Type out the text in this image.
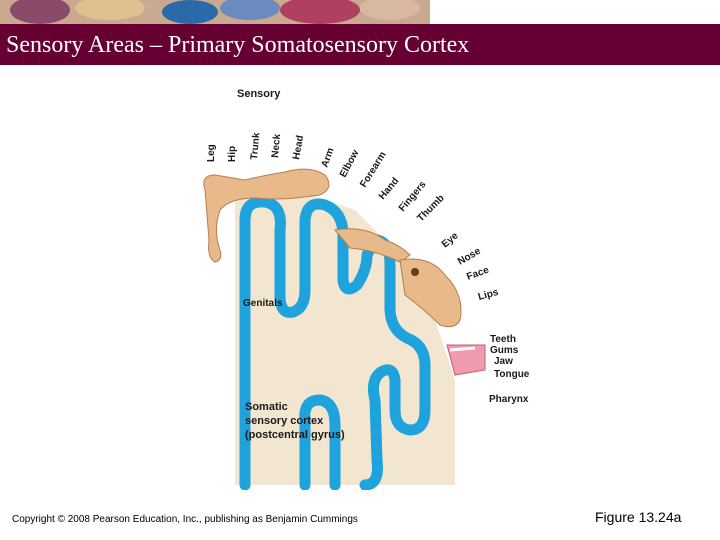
Sensory Areas – Primary Somatosensory Cortex
Sensory
Leg Hip Trunk Neck Head Arm Elbow
Forearm
Hand
Fingers
Thumb
Eye
Nose
Face
Lips
Teeth
Gums
Jaw
Tongue
Pharynx
Genitals
Somatic
sensory cortex
(postcentral gyrus)
Copyright © 2008 Pearson Education, Inc., publishing as Benjamin Cummings	Figure 13.24a
